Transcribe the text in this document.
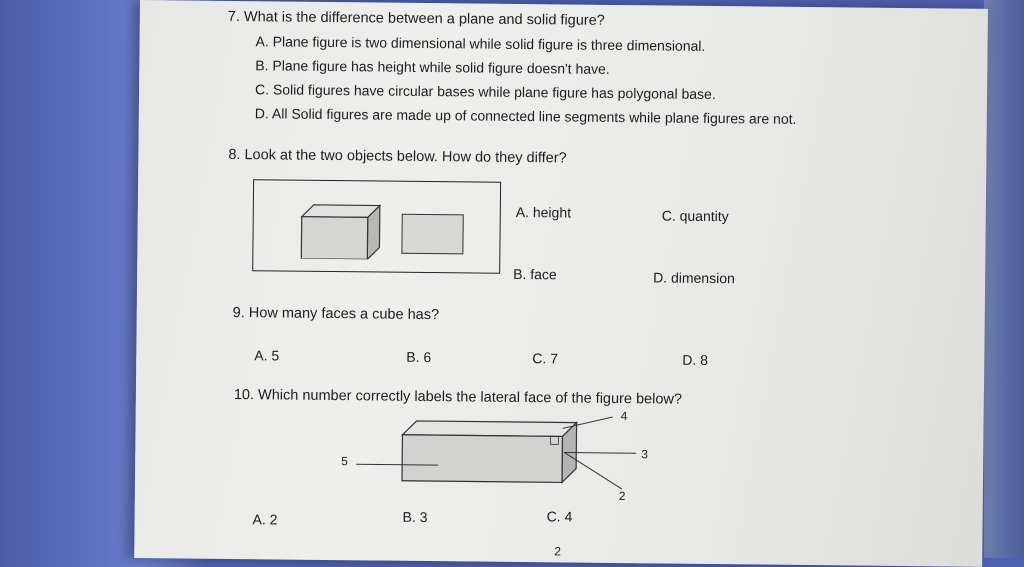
7. What is the difference between a plane and solid figure?
A. Plane figure is two dimensional while solid figure is three dimensional.
B. Plane figure has height while solid figure doesn't have.
C. Solid figures have circular bases while plane figure has polygonal base.
D. All Solid figures are made up of connected line segments while plane figures are not.
8. Look at the two objects below. How do they differ?
A. height	C. quantity
B. face	D. dimension
9. How many faces a cube has?
A. 5	B. 6	C. 7	D. 8
10. Which number correctly labels the lateral face of the figure below?
4
5	3
2
A. 2	B. 3	C. 4
2
